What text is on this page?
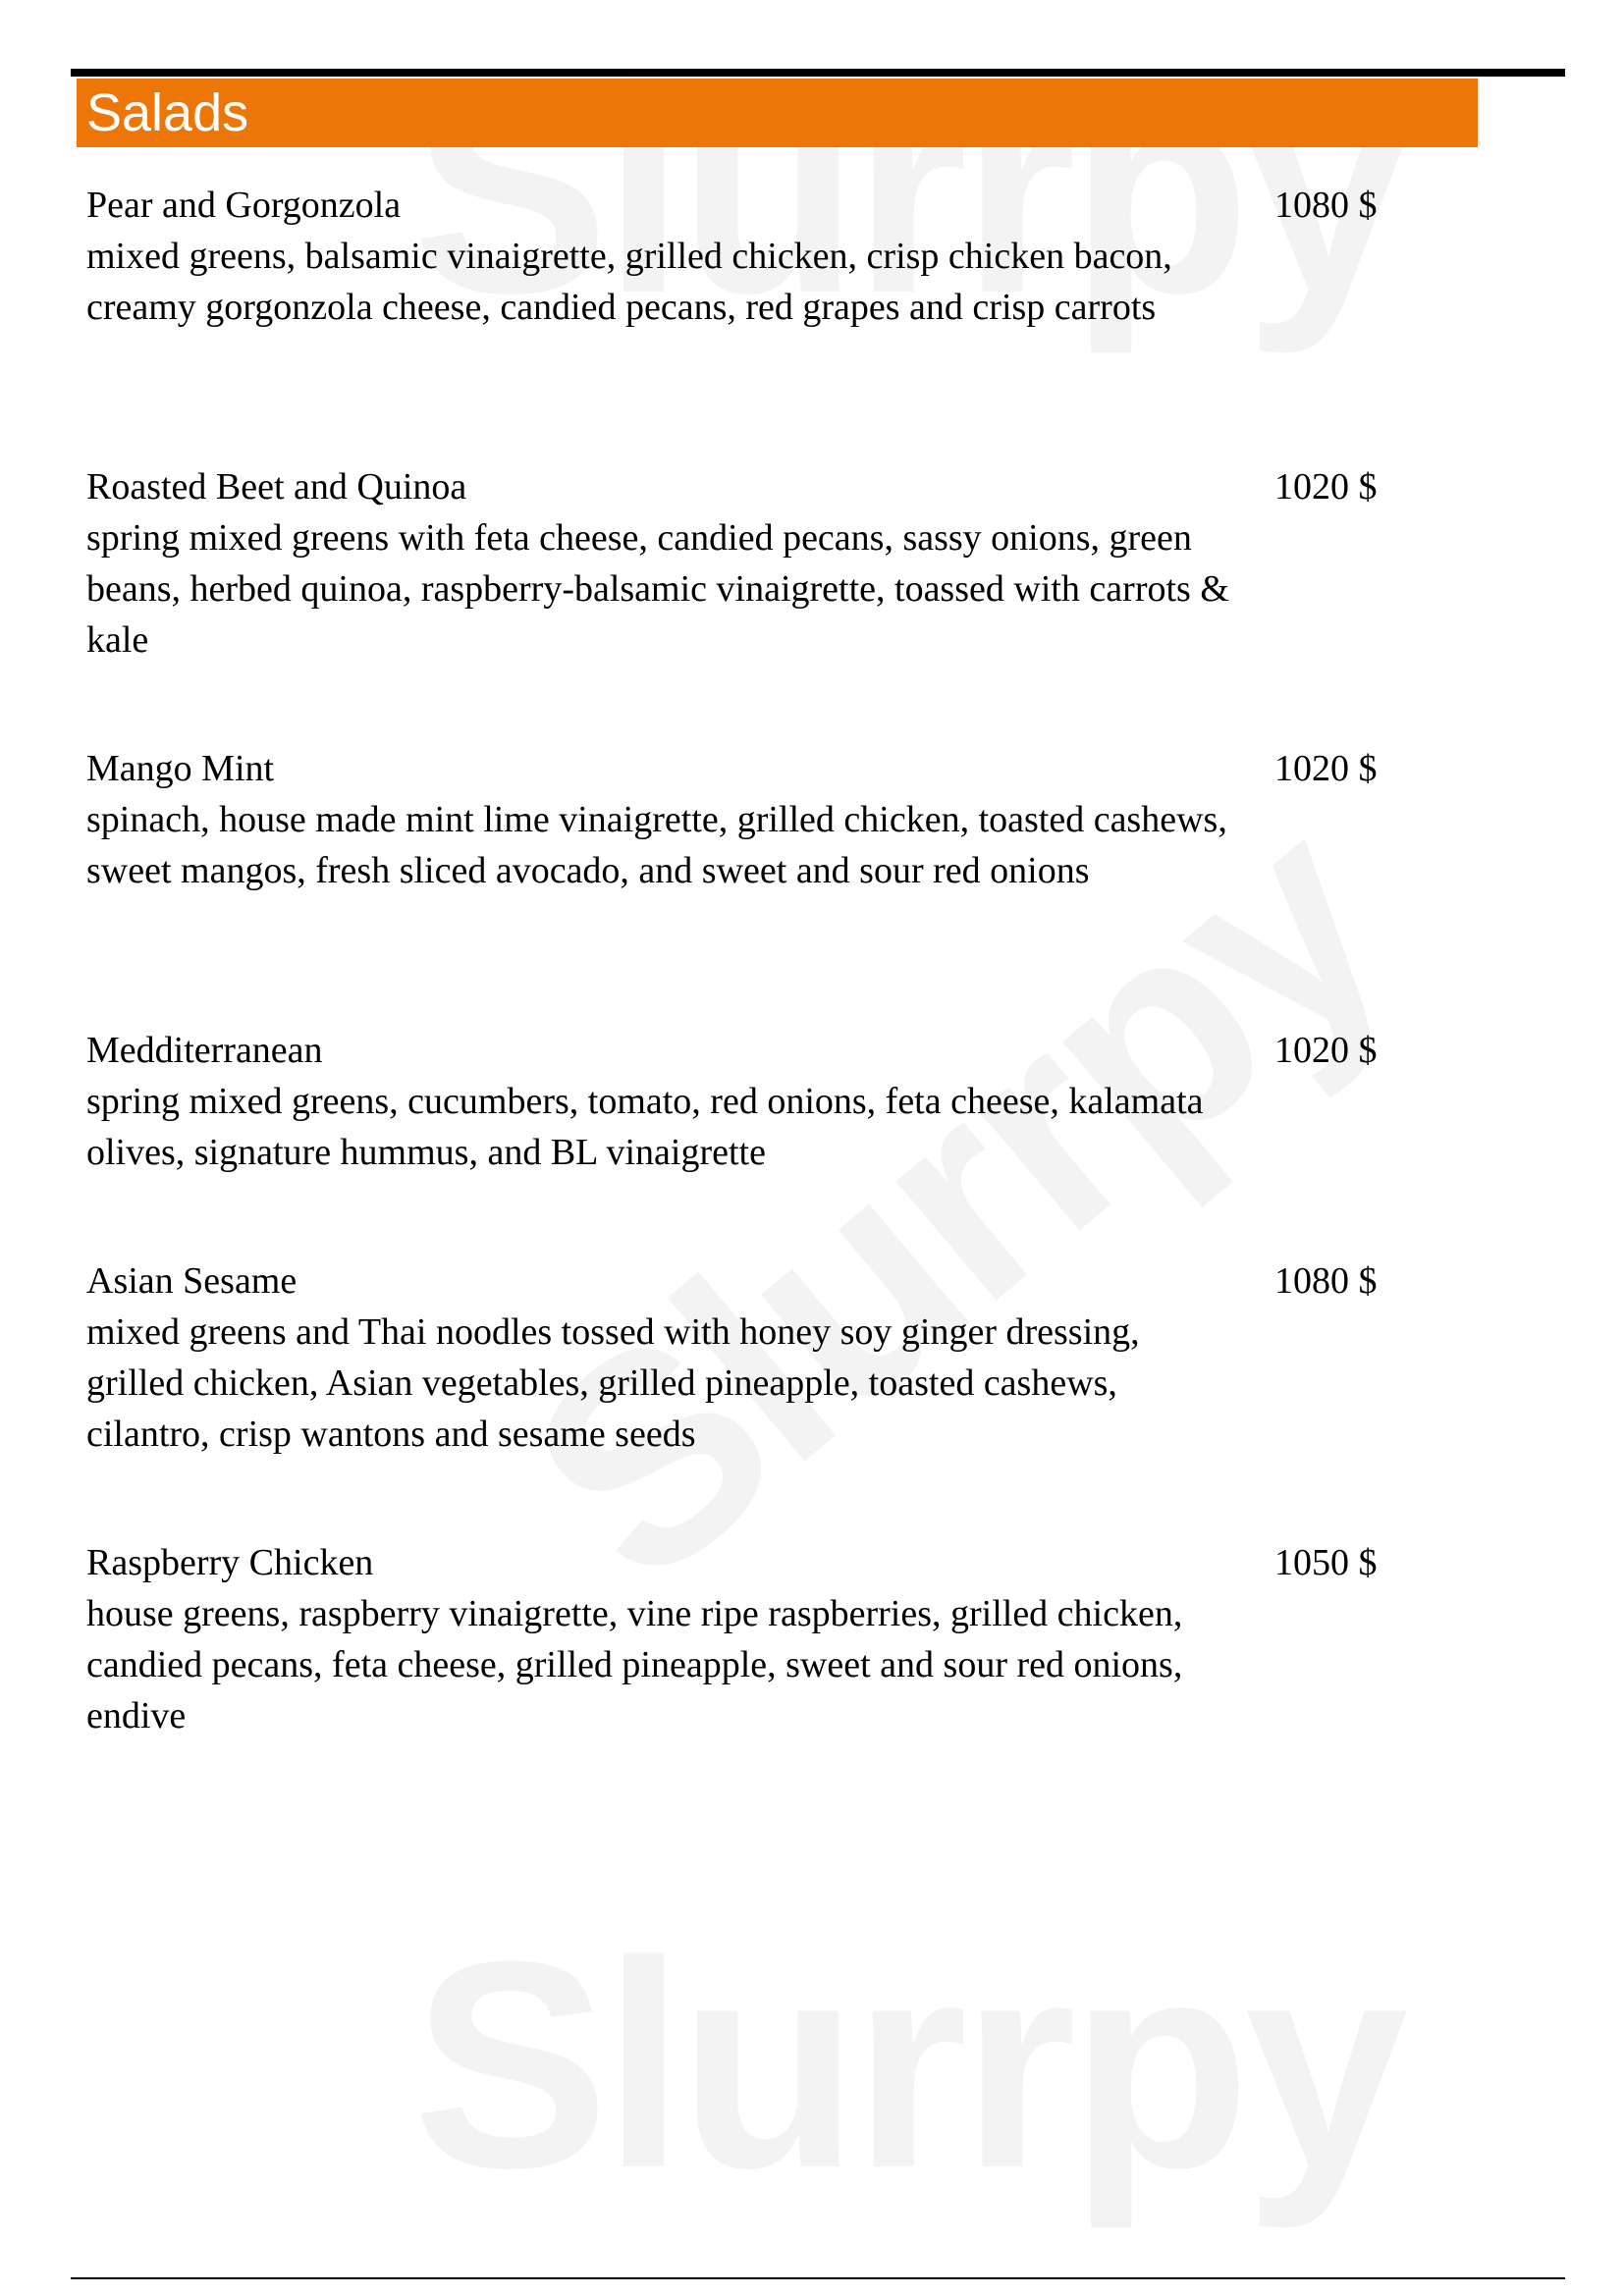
Salads
Pear and Gorgonzola
mixed greens, balsamic vinaigrette, grilled chicken, crisp chicken bacon, creamy gorgonzola cheese, candied pecans, red grapes and crisp carrots
1080 $
Roasted Beet and Quinoa
spring mixed greens with feta cheese, candied pecans, sassy onions, green beans, herbed quinoa, raspberry-balsamic vinaigrette, toassed with carrots & kale
1020 $
Mango Mint
spinach, house made mint lime vinaigrette, grilled chicken, toasted cashews, sweet mangos, fresh sliced avocado, and sweet and sour red onions
1020 $
Medditerranean
spring mixed greens, cucumbers, tomato, red onions, feta cheese, kalamata olives, signature hummus, and BL vinaigrette
1020 $
Asian Sesame
mixed greens and Thai noodles tossed with honey soy ginger dressing, grilled chicken, Asian vegetables, grilled pineapple, toasted cashews, cilantro, crisp wantons and sesame seeds
1080 $
Raspberry Chicken
house greens, raspberry vinaigrette, vine ripe raspberries, grilled chicken, candied pecans, feta cheese, grilled pineapple, sweet and sour red onions, endive
1050 $
